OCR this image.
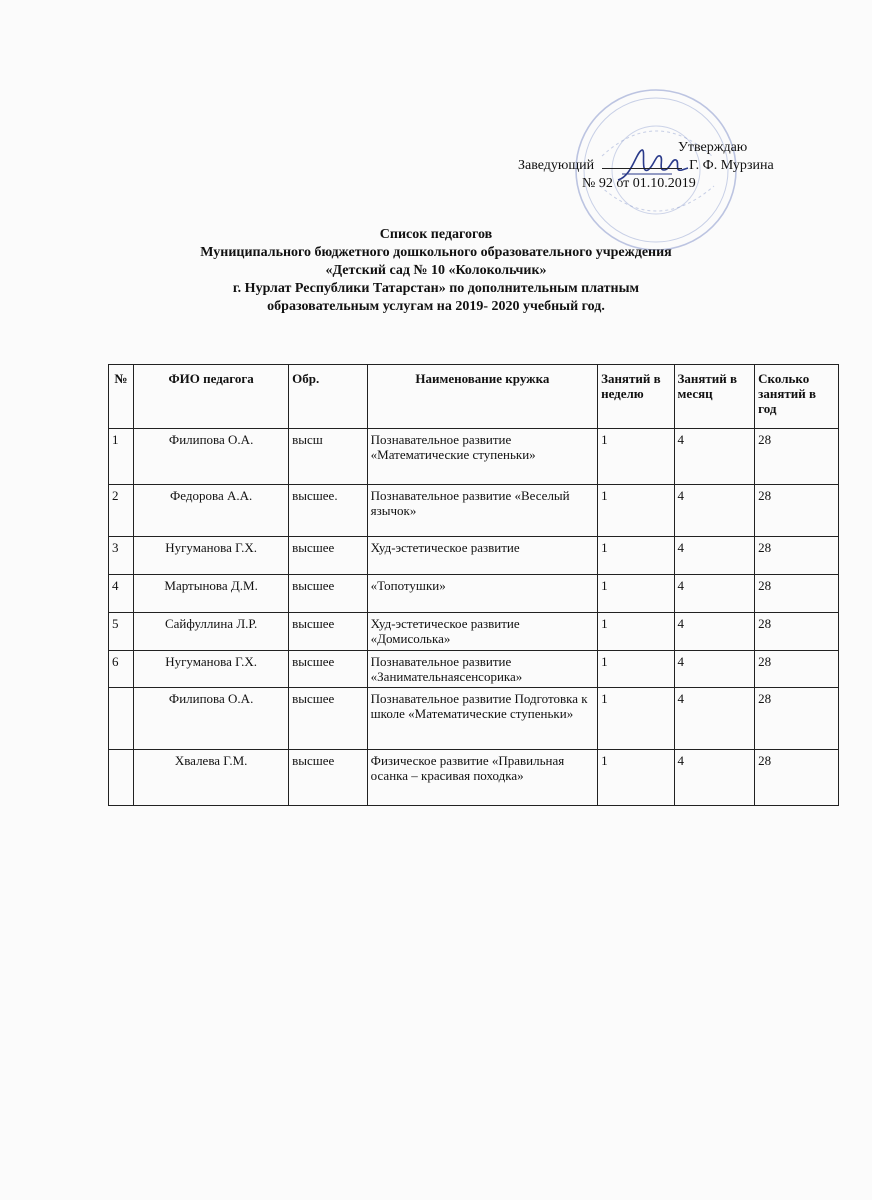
Утверждаю
Заведующий	Г. Ф. Мурзина
№ 92 от 01.10.2019
Список педагогов
Муниципального бюджетного дошкольного образовательного учреждения
«Детский сад № 10 «Колокольчик»
г. Нурлат Республики Татарстан» по дополнительным платным
образовательным услугам на 2019- 2020 учебный год.
№	ФИО педагога	Обр.	Наименование кружка	Занятий в неделю	Занятий в месяц	Сколько занятий в год
1	Филипова О.А.	высш	Познавательное развитие «Математические ступеньки»	1	4	28
2	Федорова А.А.	высшее.	Познавательное развитие «Веселый язычок»	1	4	28
3	Нугуманова Г.Х.	высшее	Худ-эстетическое развитие	1	4	28
4	Мартынова Д.М.	высшее	«Топотушки»	1	4	28
5	Сайфуллина Л.Р.	высшее	Худ-эстетическое развитие «Домисолька»	1	4	28
6	Нугуманова Г.Х.	высшее	Познавательное развитие «Занимательнаясенсорика»	1	4	28
	Филипова О.А.	высшее	Познавательное развитие Подготовка к школе «Математические ступеньки»	1	4	28
	Хвалева Г.М.	высшее	Физическое развитие «Правильная осанка – красивая походка»	1	4	28
